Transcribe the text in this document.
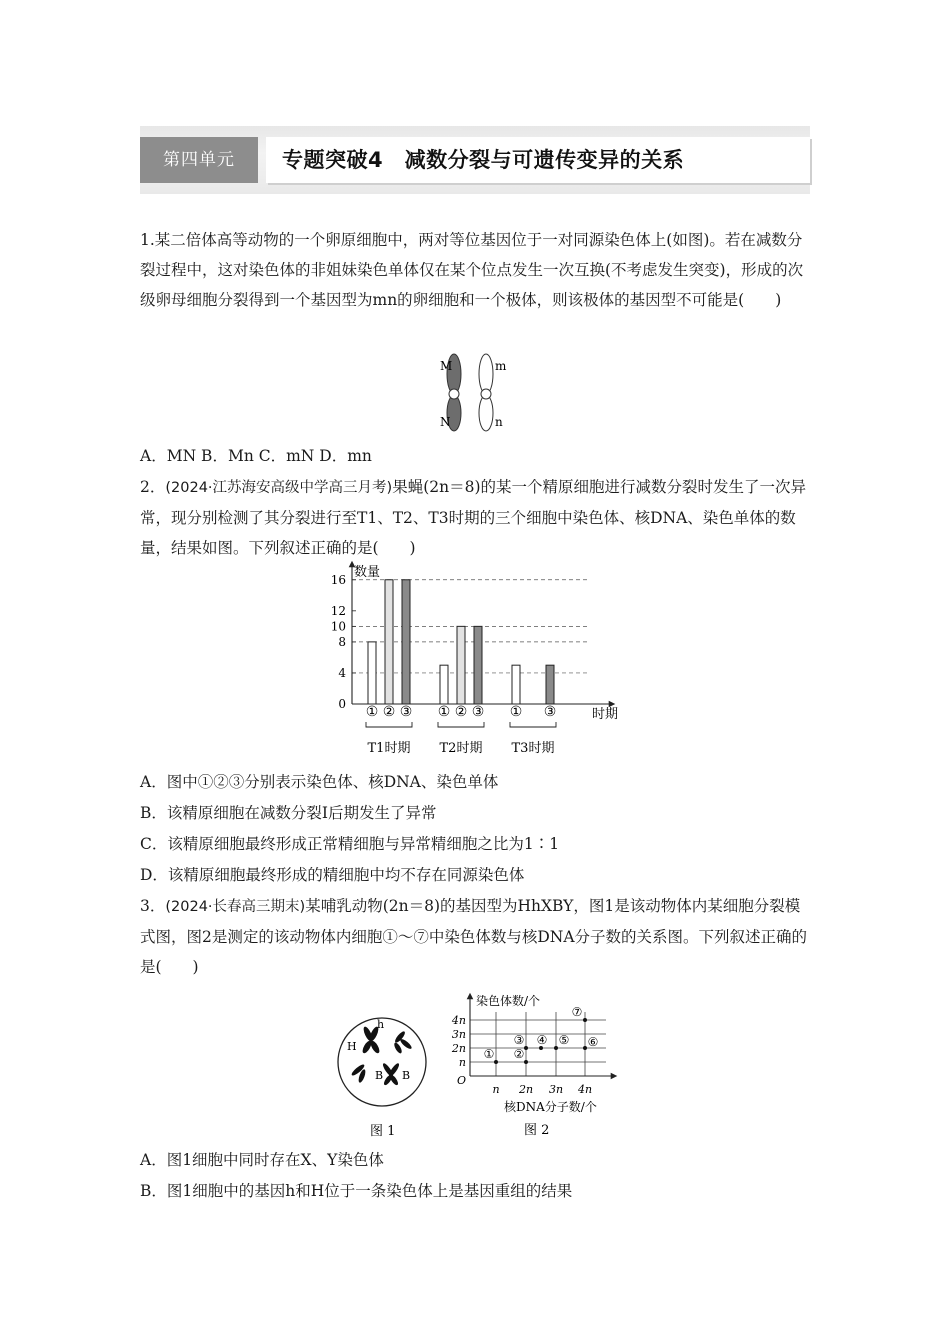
第四单元	专题突破4　减数分裂与可遗传变异的关系
1.某二倍体高等动物的一个卵原细胞中，两对等位基因位于一对同源染色体上(如图)。若在减数分裂过程中，这对染色体的非姐妹染色单体仅在某个位点发生一次互换(不考虑发生突变)，形成的次级卵母细胞分裂得到一个基因型为mn的卵细胞和一个极体，则该极体的基因型不可能是(　　)
M	m
N	n
A．MN B．Mn C．mN D．mn
2．(2024·江苏海安高级中学高三月考)果蝇(2n＝8)的某一个精原细胞进行减数分裂时发生了一次异常，现分别检测了其分裂进行至T1、T2、T3时期的三个细胞中染色体、核DNA、染色单体的数量，结果如图。下列叙述正确的是(　　)
0
4
8
10
12
16 数量
时期
① ② ③
T1时期
① ② ③
T2时期
① ③
T3时期
A．图中①②③分别表示染色体、核DNA、染色单体
B．该精原细胞在减数分裂Ⅰ后期发生了异常
C．该精原细胞最终形成正常精细胞与异常精细胞之比为1∶1
D．该精原细胞最终形成的精细胞中均不存在同源染色体
3．(2024·长春高三期末)某哺乳动物(2n＝8)的基因型为HhXBY，图1是该动物体内某细胞分裂模式图，图2是测定的该动物体内细胞①～⑦中染色体数与核DNA分子数的关系图。下列叙述正确的是(　　)
H
h
B B
图 1
染色体数/个
4n
3n
2n
n
O
n 2n 3n 4n
核DNA分子数/个
图 2
① ②
③ ④ ⑤ ⑥
⑦
A．图1细胞中同时存在X、Y染色体
B．图1细胞中的基因h和H位于一条染色体上是基因重组的结果
